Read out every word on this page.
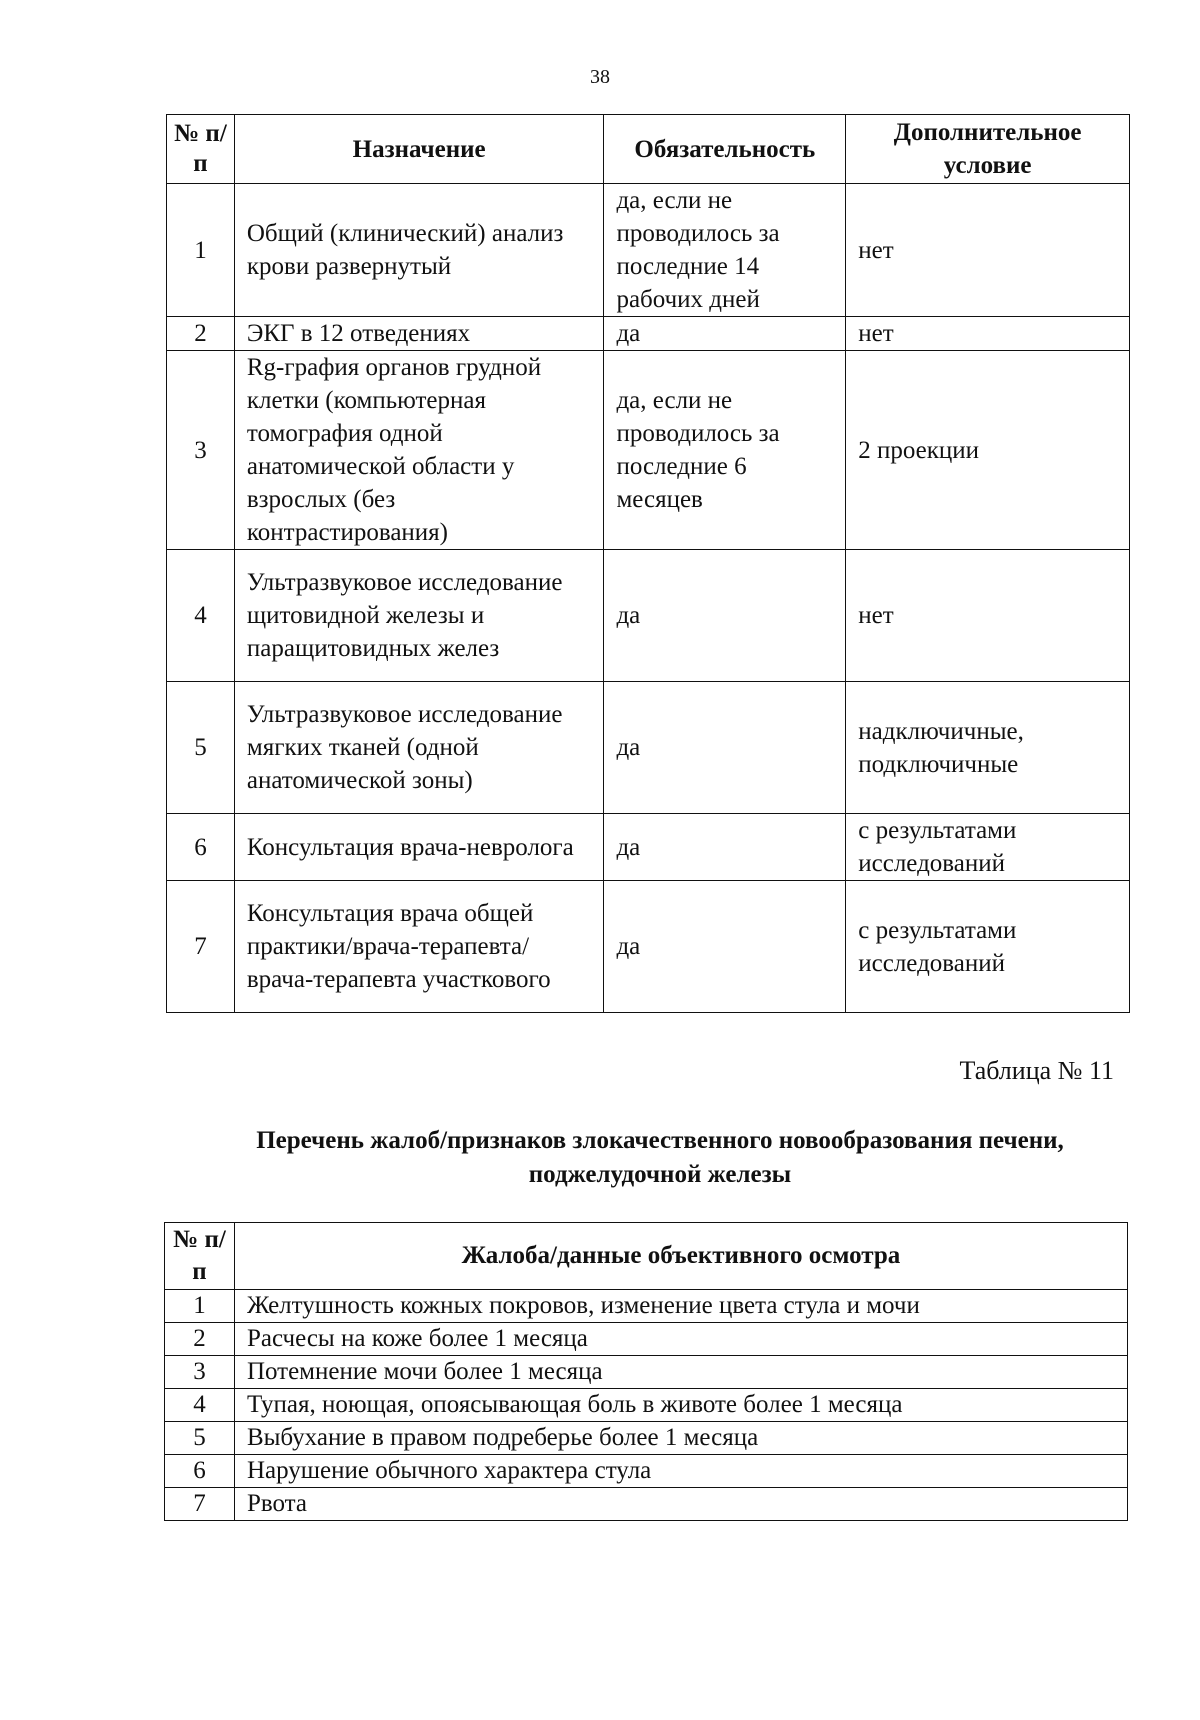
38
№ п/п	Назначение	Обязательность	Дополнительное условие
1	Общий (клинический) анализ крови развернутый	да, если не проводилось за последние 14 рабочих дней	нет
2	ЭКГ в 12 отведениях	да	нет
3	Rg-графия органов грудной клетки (компьютерная томография одной анатомической области у взрослых (без контрастирования)	да, если не проводилось за последние 6 месяцев	2 проекции
4	Ультразвуковое исследование щитовидной железы и паращитовидных желез	да	нет
5	Ультразвуковое исследование мягких тканей (одной анатомической зоны)	да	надключичные, подключичные
6	Консультация врача-невролога	да	с результатами исследований
7	Консультация врача общей практики/врача-терапевта/врача-терапевта участкового	да	с результатами исследований
Таблица № 11
Перечень жалоб/признаков злокачественного новообразования печени, поджелудочной железы
№ п/п	Жалоба/данные объективного осмотра
1	Желтушность кожных покровов, изменение цвета стула и мочи
2	Расчесы на коже более 1 месяца
3	Потемнение мочи более 1 месяца
4	Тупая, ноющая, опоясывающая боль в животе более 1 месяца
5	Выбухание в правом подреберье более 1 месяца
6	Нарушение обычного характера стула
7	Рвота
